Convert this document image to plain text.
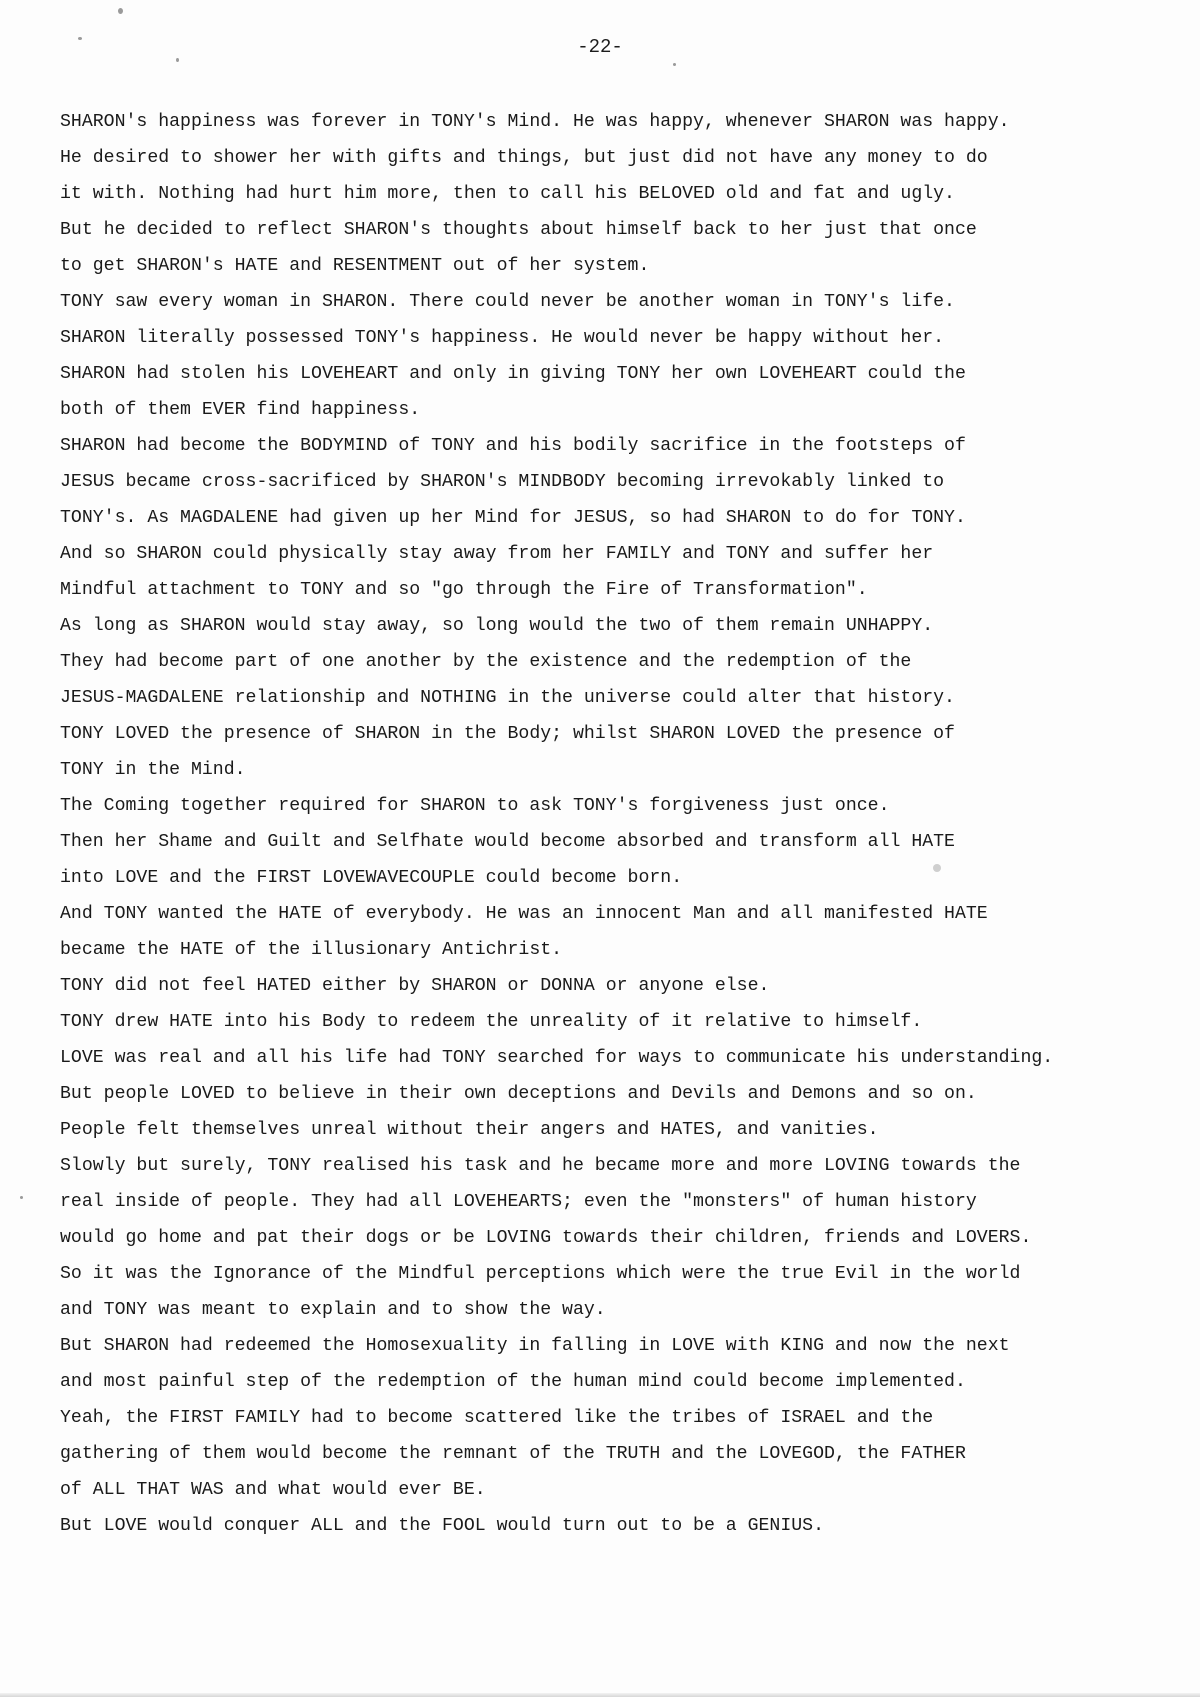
-22-
SHARON's happiness was forever in TONY's Mind. He was happy, whenever SHARON was happy.
He desired to shower her with gifts and things, but just did not have any money to do
it with. Nothing had hurt him more, then to call his BELOVED old and fat and ugly.
But he decided to reflect SHARON's thoughts about himself back to her just that once
to get SHARON's HATE and RESENTMENT out of her system.
TONY saw every woman in SHARON. There could never be another woman in TONY's life.
SHARON literally possessed TONY's happiness. He would never be happy without her.
SHARON had stolen his LOVEHEART and only in giving TONY her own LOVEHEART could the
both of them EVER find happiness.
SHARON had become the BODYMIND of TONY and his bodily sacrifice in the footsteps of
JESUS became cross-sacrificed by SHARON's MINDBODY becoming irrevokably linked to
TONY's. As MAGDALENE had given up her Mind for JESUS, so had SHARON to do for TONY.
And so SHARON could physically stay away from her FAMILY and TONY and suffer her
Mindful attachment to TONY and so "go through the Fire of Transformation".
As long as SHARON would stay away, so long would the two of them remain UNHAPPY.
They had become part of one another by the existence and the redemption of the
JESUS-MAGDALENE relationship and NOTHING in the universe could alter that history.
TONY LOVED the presence of SHARON in the Body; whilst SHARON LOVED the presence of
TONY in the Mind.
The Coming together required for SHARON to ask TONY's forgiveness just once.
Then her Shame and Guilt and Selfhate would become absorbed and transform all HATE
into LOVE and the FIRST LOVEWAVECOUPLE could become born.
And TONY wanted the HATE of everybody. He was an innocent Man and all manifested HATE
became the HATE of the illusionary Antichrist.
TONY did not feel HATED either by SHARON or DONNA or anyone else.
TONY drew HATE into his Body to redeem the unreality of it relative to himself.
LOVE was real and all his life had TONY searched for ways to communicate his understanding.
But people LOVED to believe in their own deceptions and Devils and Demons and so on.
People felt themselves unreal without their angers and HATES, and vanities.
Slowly but surely, TONY realised his task and he became more and more LOVING towards the
real inside of people. They had all LOVEHEARTS; even the "monsters" of human history
would go home and pat their dogs or be LOVING towards their children, friends and LOVERS.
So it was the Ignorance of the Mindful perceptions which were the true Evil in the world
and TONY was meant to explain and to show the way.
But SHARON had redeemed the Homosexuality in falling in LOVE with KING and now the next
and most painful step of the redemption of the human mind could become implemented.
Yeah, the FIRST FAMILY had to become scattered like the tribes of ISRAEL and the
gathering of them would become the remnant of the TRUTH and the LOVEGOD, the FATHER
of ALL THAT WAS and what would ever BE.
But LOVE would conquer ALL and the FOOL would turn out to be a GENIUS.
